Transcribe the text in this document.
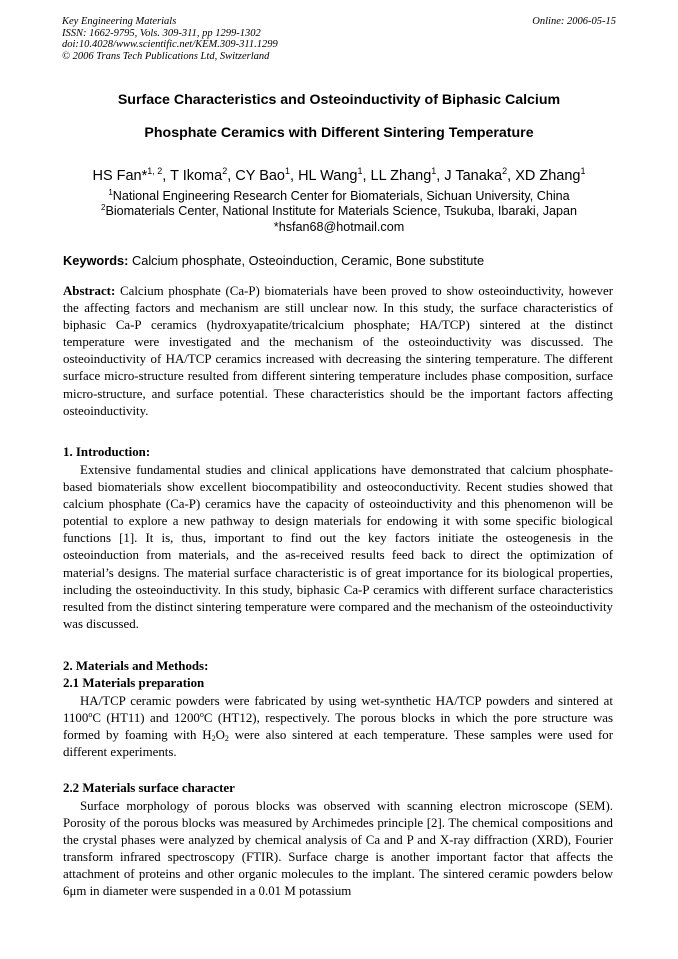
Key Engineering Materials
ISSN: 1662-9795, Vols. 309-311, pp 1299-1302
doi:10.4028/www.scientific.net/KEM.309-311.1299
© 2006 Trans Tech Publications Ltd, Switzerland
Online: 2006-05-15
Surface Characteristics and Osteoinductivity of Biphasic Calcium
Phosphate Ceramics with Different Sintering Temperature
HS Fan*$^{1, 2}$, T Ikoma$^2$, CY Bao$^1$, HL Wang$^1$, LL Zhang$^1$, J Tanaka$^2$, XD Zhang$^1$
$^1$National Engineering Research Center for Biomaterials, Sichuan University, China
$^2$Biomaterials Center, National Institute for Materials Science, Tsukuba, Ibaraki, Japan
*hsfan68@hotmail.com
Keywords: Calcium phosphate, Osteoinduction, Ceramic, Bone substitute
Abstract: Calcium phosphate (Ca-P) biomaterials have been proved to show osteoinductivity, however the affecting factors and mechanism are still unclear now. In this study, the surface characteristics of biphasic Ca-P ceramics (hydroxyapatite/tricalcium phosphate; HA/TCP) sintered at the distinct temperature were investigated and the mechanism of the osteoinductivity was discussed. The osteoinductivity of HA/TCP ceramics increased with decreasing the sintering temperature. The different surface micro-structure resulted from different sintering temperature includes phase composition, surface micro-structure, and surface potential. These characteristics should be the important factors affecting osteoinductivity.
1. Introduction:
Extensive fundamental studies and clinical applications have demonstrated that calcium phosphate-based biomaterials show excellent biocompatibility and osteoconductivity. Recent studies showed that calcium phosphate (Ca-P) ceramics have the capacity of osteoinductivity and this phenomenon will be potential to explore a new pathway to design materials for endowing it with some specific biological functions [1]. It is, thus, important to find out the key factors initiate the osteogenesis in the osteoinduction from materials, and the as-received results feed back to direct the optimization of material’s designs. The material surface characteristic is of great importance for its biological properties, including the osteoinductivity. In this study, biphasic Ca-P ceramics with different surface characteristics resulted from the distinct sintering temperature were compared and the mechanism of the osteoinductivity was discussed.
2. Materials and Methods:
2.1 Materials preparation
HA/TCP ceramic powders were fabricated by using wet-synthetic HA/TCP powders and sintered at 1100$^o$C (HT11) and 1200$^o$C (HT12), respectively. The porous blocks in which the pore structure was formed by foaming with $H_2O_2$ were also sintered at each temperature. These samples were used for different experiments.
2.2 Materials surface character
Surface morphology of porous blocks was observed with scanning electron microscope (SEM). Porosity of the porous blocks was measured by Archimedes principle [2]. The chemical compositions and the crystal phases were analyzed by chemical analysis of Ca and P and X-ray diffraction (XRD), Fourier transform infrared spectroscopy (FTIR). Surface charge is another important factor that affects the attachment of proteins and other organic molecules to the implant. The sintered ceramic powders below 6μm in diameter were suspended in a 0.01 M potassium
